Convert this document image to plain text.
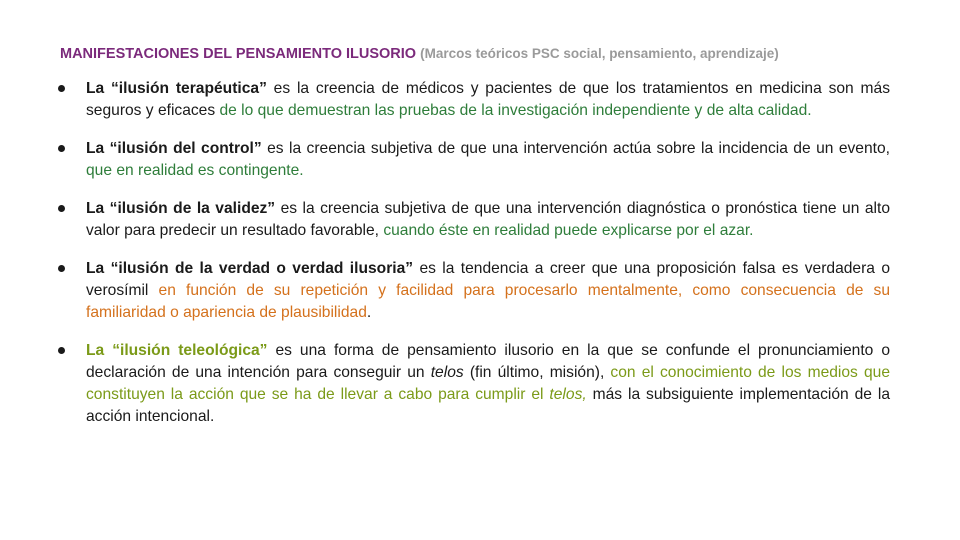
MANIFESTACIONES DEL PENSAMIENTO ILUSORIO (Marcos teóricos PSC social, pensamiento, aprendizaje)
La “ilusión terapéutica” es la creencia de médicos y pacientes de que los tratamientos en medicina son más seguros y eficaces de lo que demuestran las pruebas de la investigación independiente y de alta calidad.
La “ilusión del control” es la creencia subjetiva de que una intervención actúa sobre la incidencia de un evento, que en realidad es contingente.
La “ilusión de la validez” es la creencia subjetiva de que una intervención diagnóstica o pronóstica tiene un alto valor para predecir un resultado favorable, cuando éste en realidad puede explicarse por el azar.
La “ilusión de la verdad o verdad ilusoria” es la tendencia a creer que una proposición falsa es verdadera o verosímil en función de su repetición y facilidad para procesarlo mentalmente, como consecuencia de su familiaridad o apariencia de plausibilidad.
La “ilusión teleológica” es una forma de pensamiento ilusorio en la que se confunde el pronunciamiento o declaración de una intención para conseguir un telos (fin último, misión), con el conocimiento de los medios que constituyen la acción que se ha de llevar a cabo para cumplir el telos, más la subsiguiente implementación de la acción intencional.
